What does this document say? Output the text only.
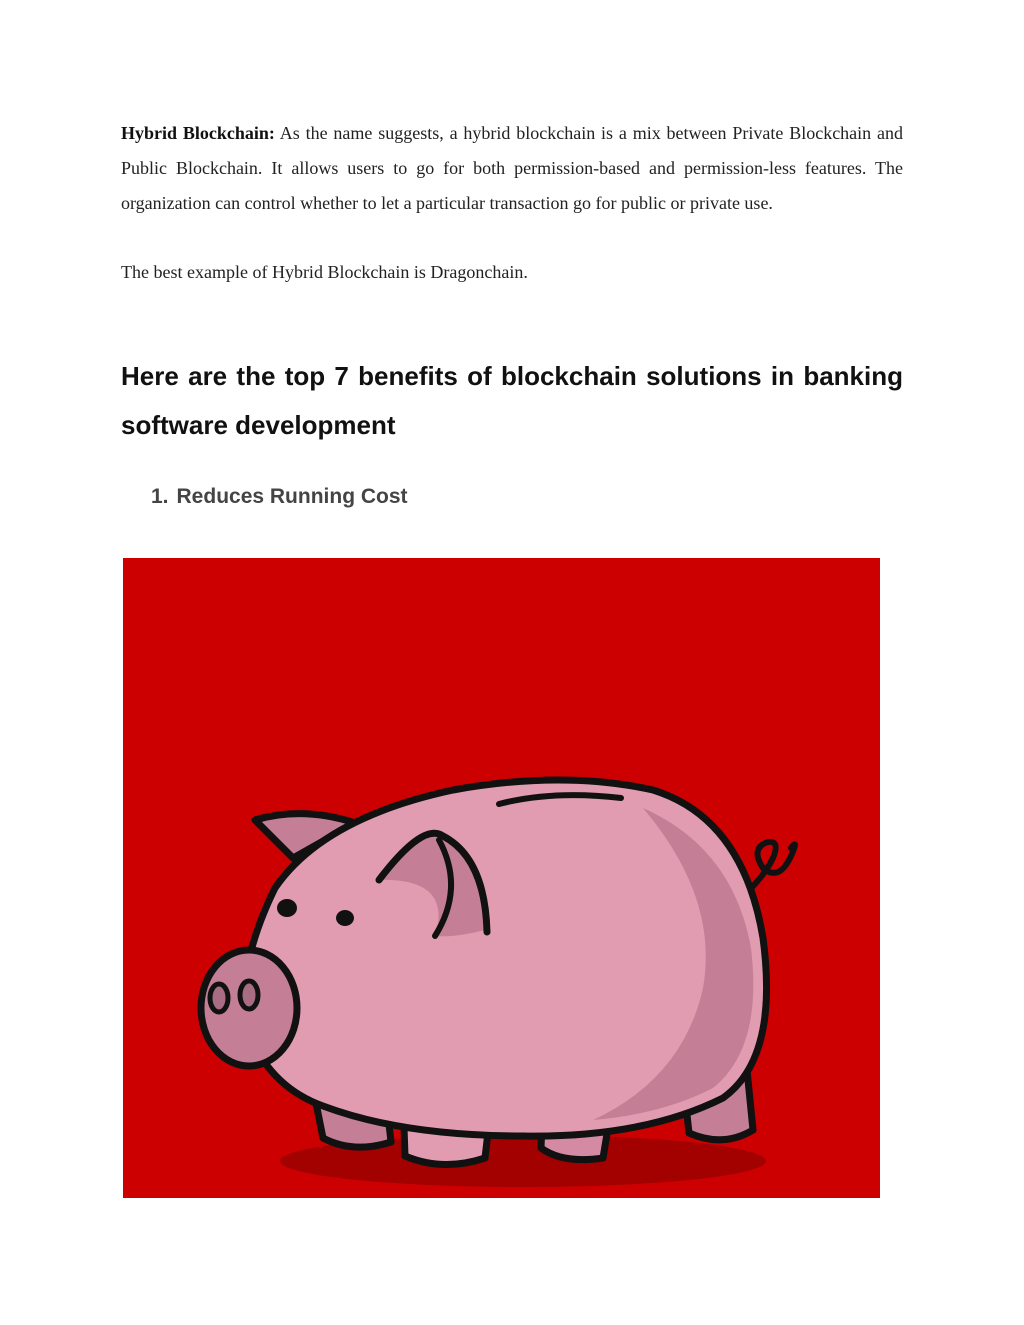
Hybrid Blockchain: As the name suggests, a hybrid blockchain is a mix between Private Blockchain and Public Blockchain. It allows users to go for both permission-based and permission-less features. The organization can control whether to let a particular transaction go for public or private use.

The best example of Hybrid Blockchain is Dragonchain.
Here are the top 7 benefits of blockchain solutions in banking software development
1. Reduces Running Cost
